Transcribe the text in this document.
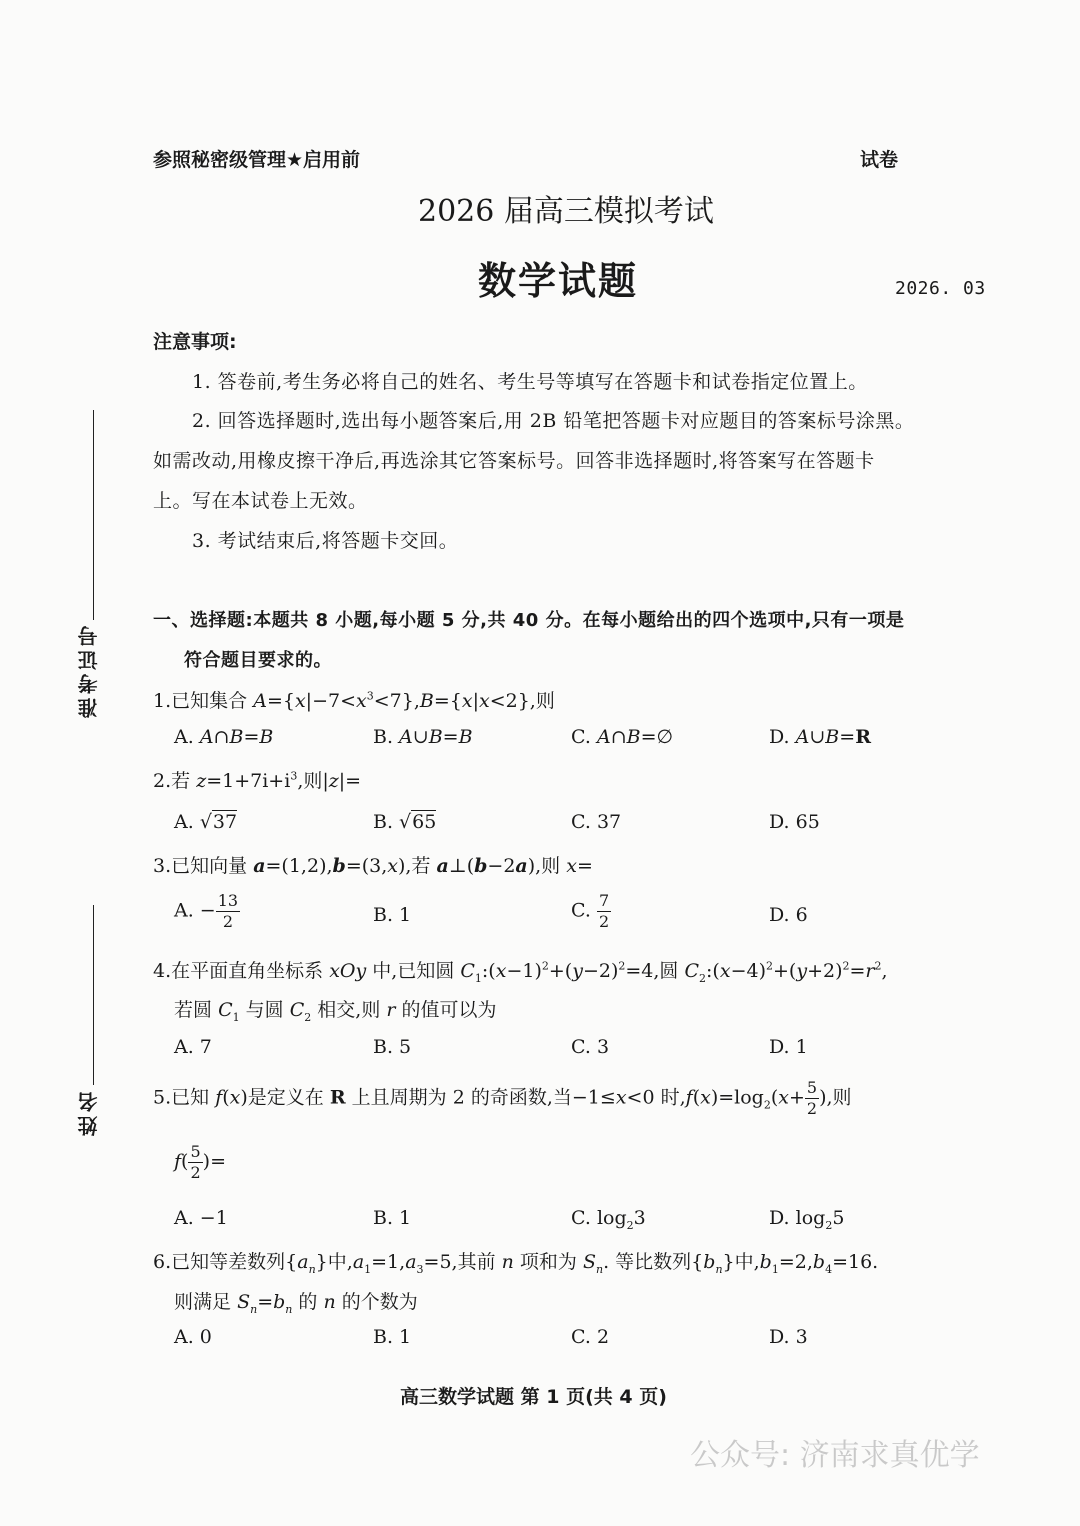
参照秘密级管理★启用前	试卷
2026 届高三模拟考试
数学试题	2026. 03
注意事项:
1. 答卷前,考生务必将自己的姓名、考生号等填写在答题卡和试卷指定位置上。
2. 回答选择题时,选出每小题答案后,用 2B 铅笔把答题卡对应题目的答案标号涂黑。
如需改动,用橡皮擦干净后,再选涂其它答案标号。回答非选择题时,将答案写在答题卡
上。写在本试卷上无效。
3. 考试结束后,将答题卡交回。
准考证号
姓名
一、选择题:本题共 8 小题,每小题 5 分,共 40 分。在每小题给出的四个选项中,只有一项是
符合题目要求的。
1.已知集合 $A=\{x|-7<x^3<7\},B=\{x|x<2\}$,则
A. A∩B=B	B. A∪B=B	C. A∩B=∅	D. A∪B=R
2.若 $z=1+7i+i^3$,则|z|=
A. √37	B. √65	C. 37	D. 65
3.已知向量 a=(1,2),b=(3,x),若 a⊥(b−2a),则 x=
A. − $\frac{13}{2}$	B. 1	C. $\frac{7}{2}$	D. 6
4.在平面直角坐标系 xOy 中,已知圆 $C_1:(x-1)^2+(y-2)^2=4$,圆 $C_2:(x-4)^2+(y+2)^2=r^2$,
若圆 $C_1$ 与圆 $C_2$ 相交,则 r 的值可以为
A. 7	B. 5	C. 3	D. 1
5.已知 f(x)是定义在 R 上且周期为 2 的奇函数,当−1≤x<0 时$,f(x)=\log_2(x+ \frac{5}{2}$ ),则
$f( \frac{5}{2}$ )=
A. −1	B. 1	C. $\log_23$	D. $\log_25$
6.已知等差数列$\{a_n\}$中$,a_1=1,a_3=5$,其前 n 项和为 $S_n$. 等比数列$\{b_n\}$中$,b_1=2,b_4=16$.
则满足 $S_n=b_n$ 的 n 的个数为
A. 0	B. 1	C. 2	D. 3
高三数学试题 第 1 页(共 4 页)
公众号: 济南求真优学
